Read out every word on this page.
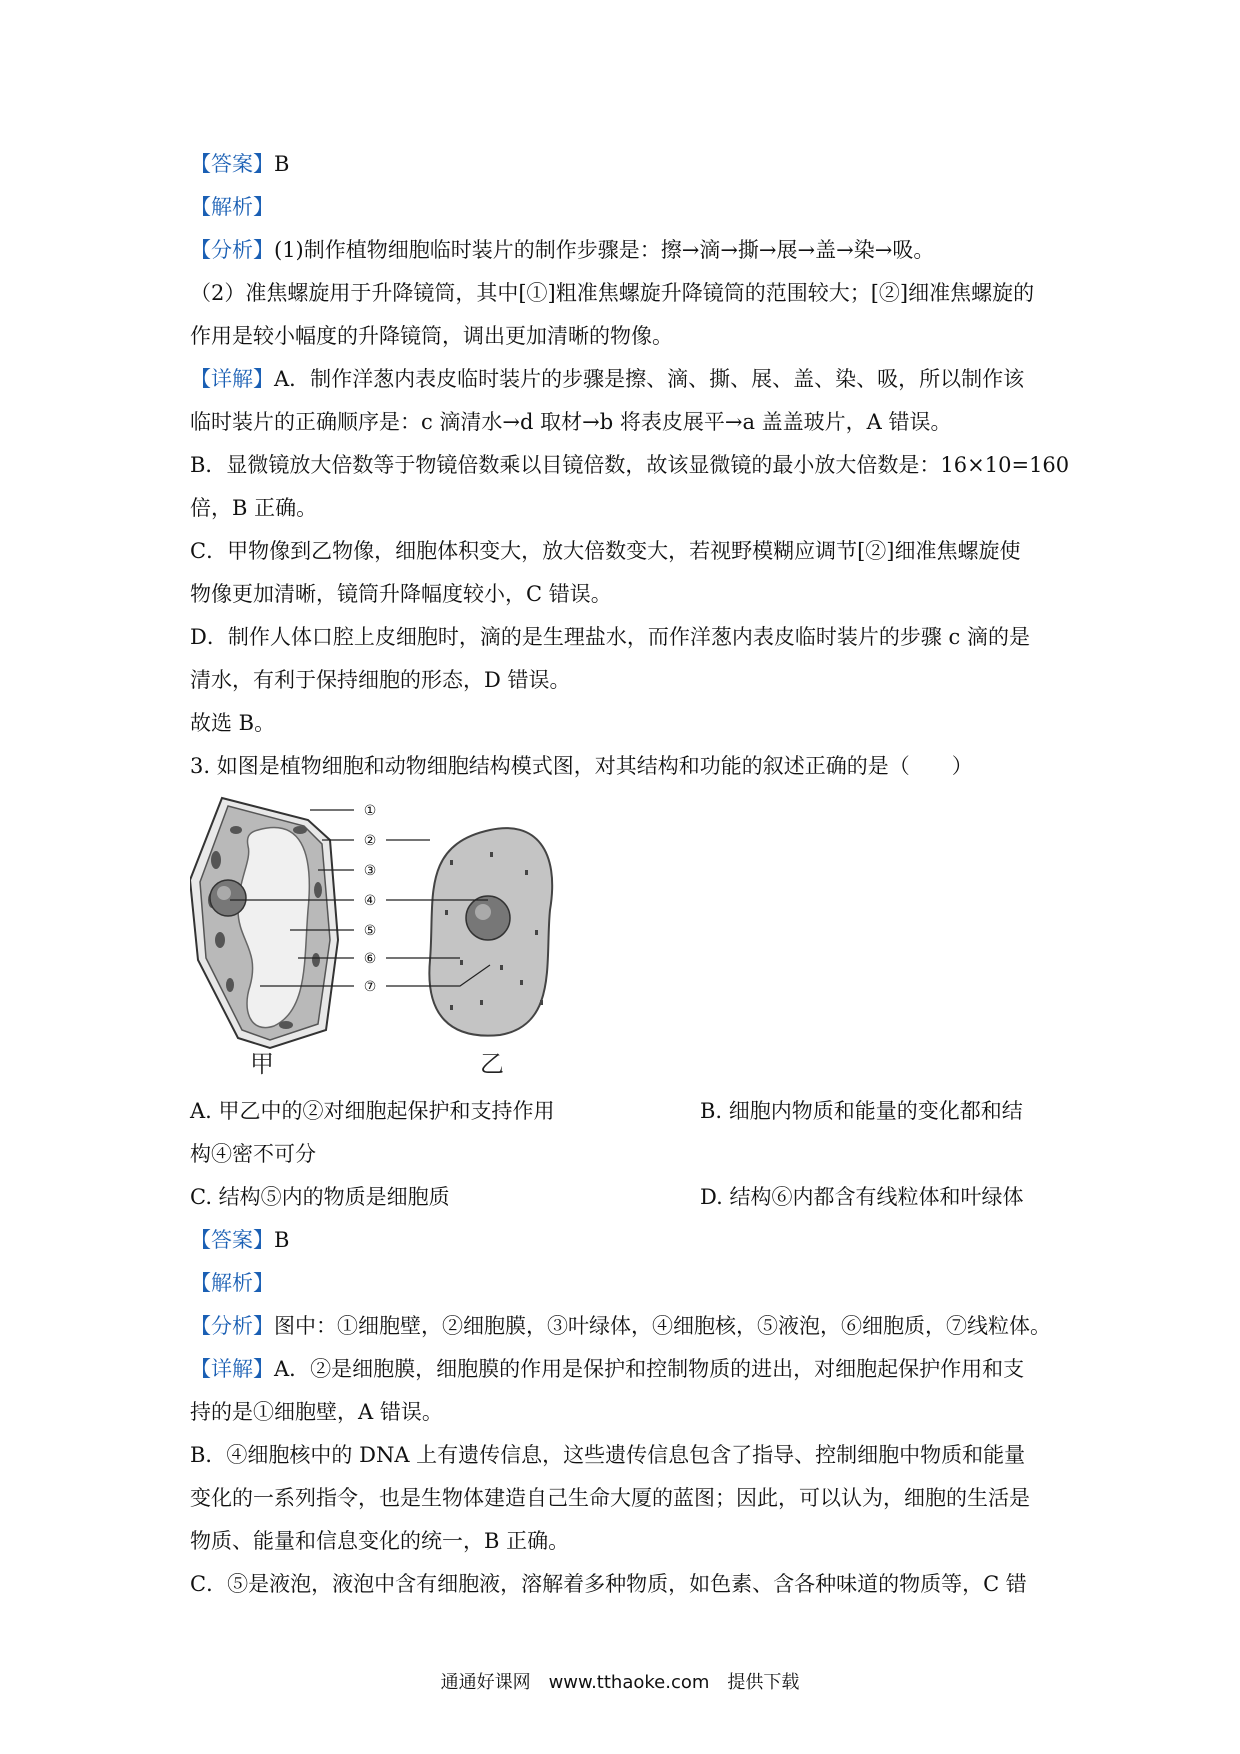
【答案】B
【解析】
【分析】(1)制作植物细胞临时装片的制作步骤是：擦→滴→撕→展→盖→染→吸。
（2）准焦螺旋用于升降镜筒，其中[①]粗准焦螺旋升降镜筒的范围较大；[②]细准焦螺旋的
作用是较小幅度的升降镜筒，调出更加清晰的物像。
【详解】A．制作洋葱内表皮临时装片的步骤是擦、滴、撕、展、盖、染、吸，所以制作该
临时装片的正确顺序是：c 滴清水→d 取材→b 将表皮展平→a 盖盖玻片，A 错误。
B．显微镜放大倍数等于物镜倍数乘以目镜倍数，故该显微镜的最小放大倍数是：16×10=160
倍，B 正确。
C．甲物像到乙物像，细胞体积变大，放大倍数变大，若视野模糊应调节[②]细准焦螺旋使
物像更加清晰，镜筒升降幅度较小，C 错误。
D．制作人体口腔上皮细胞时，滴的是生理盐水，而作洋葱内表皮临时装片的步骤 c 滴的是
清水，有利于保持细胞的形态，D 错误。
故选 B。
3. 如图是植物细胞和动物细胞结构模式图，对其结构和功能的叙述正确的是（　　）
①
②
③
④
⑤
⑥
⑦
甲	乙
A. 甲乙中的②对细胞起保护和支持作用	B. 细胞内物质和能量的变化都和结
构④密不可分
C. 结构⑤内的物质是细胞质	D. 结构⑥内都含有线粒体和叶绿体
【答案】B
【解析】
【分析】图中：①细胞壁，②细胞膜，③叶绿体，④细胞核，⑤液泡，⑥细胞质，⑦线粒体。
【详解】A．②是细胞膜，细胞膜的作用是保护和控制物质的进出，对细胞起保护作用和支
持的是①细胞壁，A 错误。
B．④细胞核中的 DNA 上有遗传信息，这些遗传信息包含了指导、控制细胞中物质和能量
变化的一系列指令，也是生物体建造自己生命大厦的蓝图；因此，可以认为，细胞的生活是
物质、能量和信息变化的统一，B 正确。
C．⑤是液泡，液泡中含有细胞液，溶解着多种物质，如色素、含各种味道的物质等，C 错
通通好课网　www.tthaoke.com　提供下载
